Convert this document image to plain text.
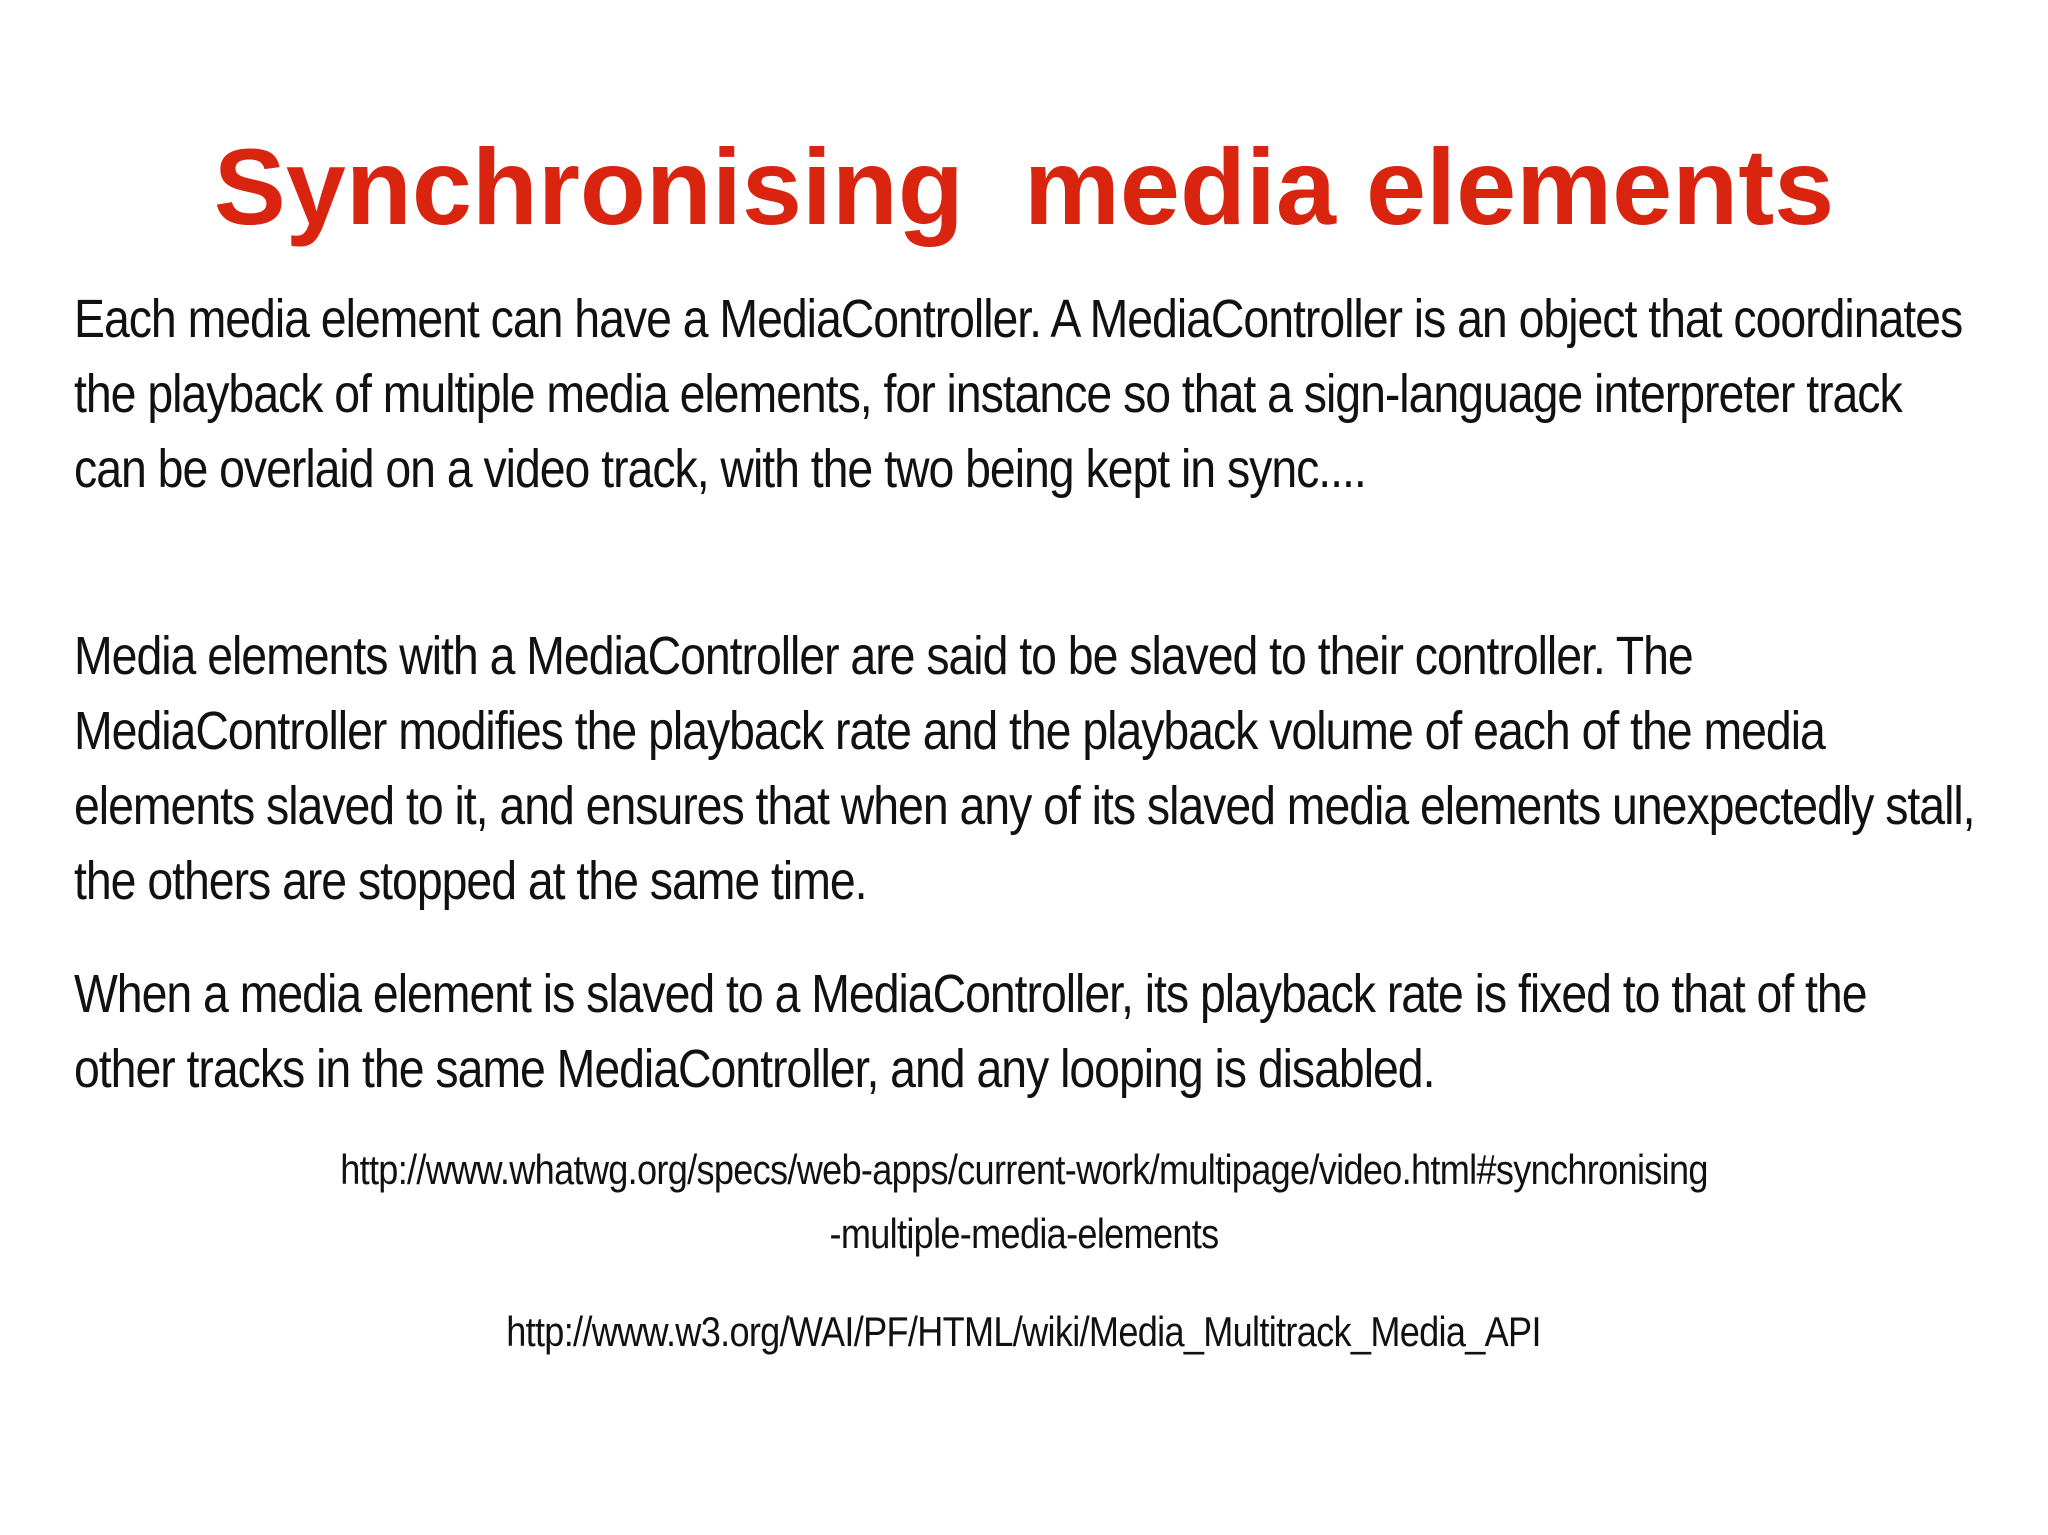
Synchronising  media elements
Each media element can have a MediaController. A MediaController is an object that coordinates the playback of multiple media elements, for instance so that a sign-language interpreter track can be overlaid on a video track, with the two being kept in sync....
Media elements with a MediaController are said to be slaved to their controller. The MediaController modifies the playback rate and the playback volume of each of the media elements slaved to it, and ensures that when any of its slaved media elements unexpectedly stall, the others are stopped at the same time.
When a media element is slaved to a MediaController, its playback rate is fixed to that of the other tracks in the same MediaController, and any looping is disabled.
http://www.whatwg.org/specs/web-apps/current-work/multipage/video.html#synchronising-multiple-media-elements
http://www.w3.org/WAI/PF/HTML/wiki/Media_Multitrack_Media_API
